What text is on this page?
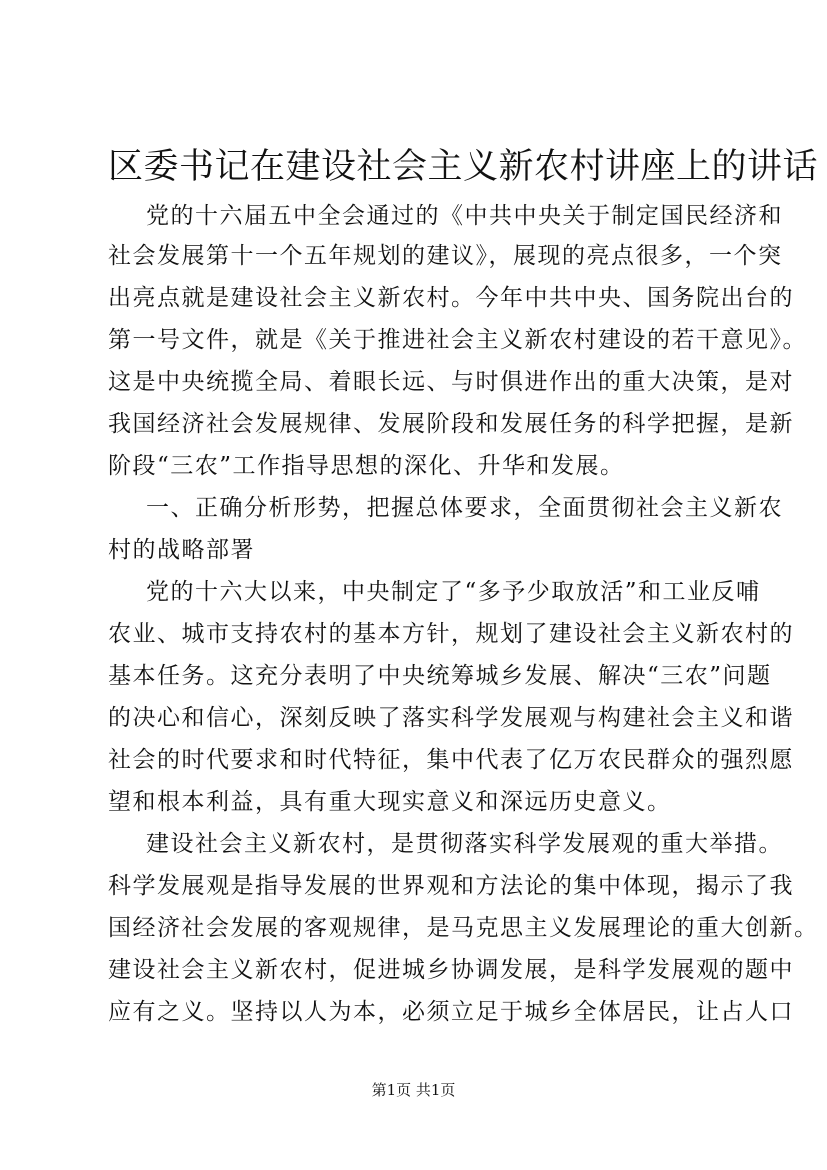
区委书记在建设社会主义新农村讲座上的讲话
党的十六届五中全会通过的《中共中央关于制定国民经济和
社会发展第十一个五年规划的建议》，展现的亮点很多，一个突
出亮点就是建设社会主义新农村。今年中共中央、国务院出台的
第一号文件，就是《关于推进社会主义新农村建设的若干意见》。
这是中央统揽全局、着眼长远、与时俱进作出的重大决策，是对
我国经济社会发展规律、发展阶段和发展任务的科学把握，是新
阶段“三农”工作指导思想的深化、升华和发展。
一、正确分析形势，把握总体要求，全面贯彻社会主义新农
村的战略部署
党的十六大以来，中央制定了“多予少取放活”和工业反哺
农业、城市支持农村的基本方针，规划了建设社会主义新农村的
基本任务。这充分表明了中央统筹城乡发展、解决“三农”问题
的决心和信心，深刻反映了落实科学发展观与构建社会主义和谐
社会的时代要求和时代特征，集中代表了亿万农民群众的强烈愿
望和根本利益，具有重大现实意义和深远历史意义。
建设社会主义新农村，是贯彻落实科学发展观的重大举措。
科学发展观是指导发展的世界观和方法论的集中体现，揭示了我
国经济社会发展的客观规律，是马克思主义发展理论的重大创新。
建设社会主义新农村，促进城乡协调发展，是科学发展观的题中
应有之义。坚持以人为本，必须立足于城乡全体居民，让占人口
第1页 共1页
